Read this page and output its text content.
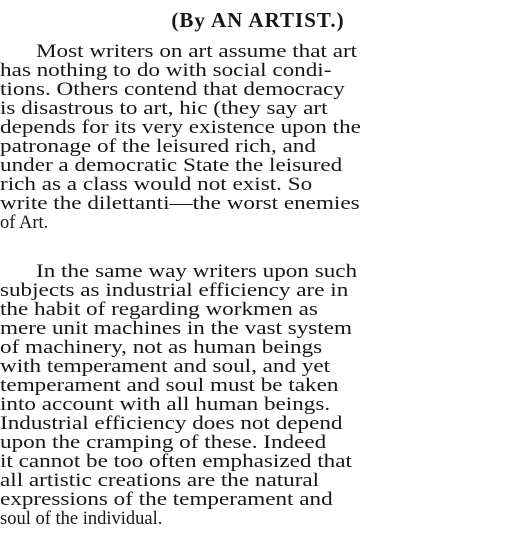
(By AN ARTIST.)
Most writers on art assume that art
has nothing to do with social condi-
tions. Others contend that democracy
is disastrous to art, hic (they say art
depends for its very existence upon the
patronage of the leisured rich, and
under a democratic State the leisured
rich as a class would not exist. So
write the dilettanti—the worst enemies
of Art.
In the same way writers upon such
subjects as industrial efficiency are in
the habit of regarding workmen as
mere unit machines in the vast system
of machinery, not as human beings
with temperament and soul, and yet
temperament and soul must be taken
into account with all human beings.
Industrial efficiency does not depend
upon the cramping of these. Indeed
it cannot be too often emphasized that
all artistic creations are the natural
expressions of the temperament and
soul of the individual.
